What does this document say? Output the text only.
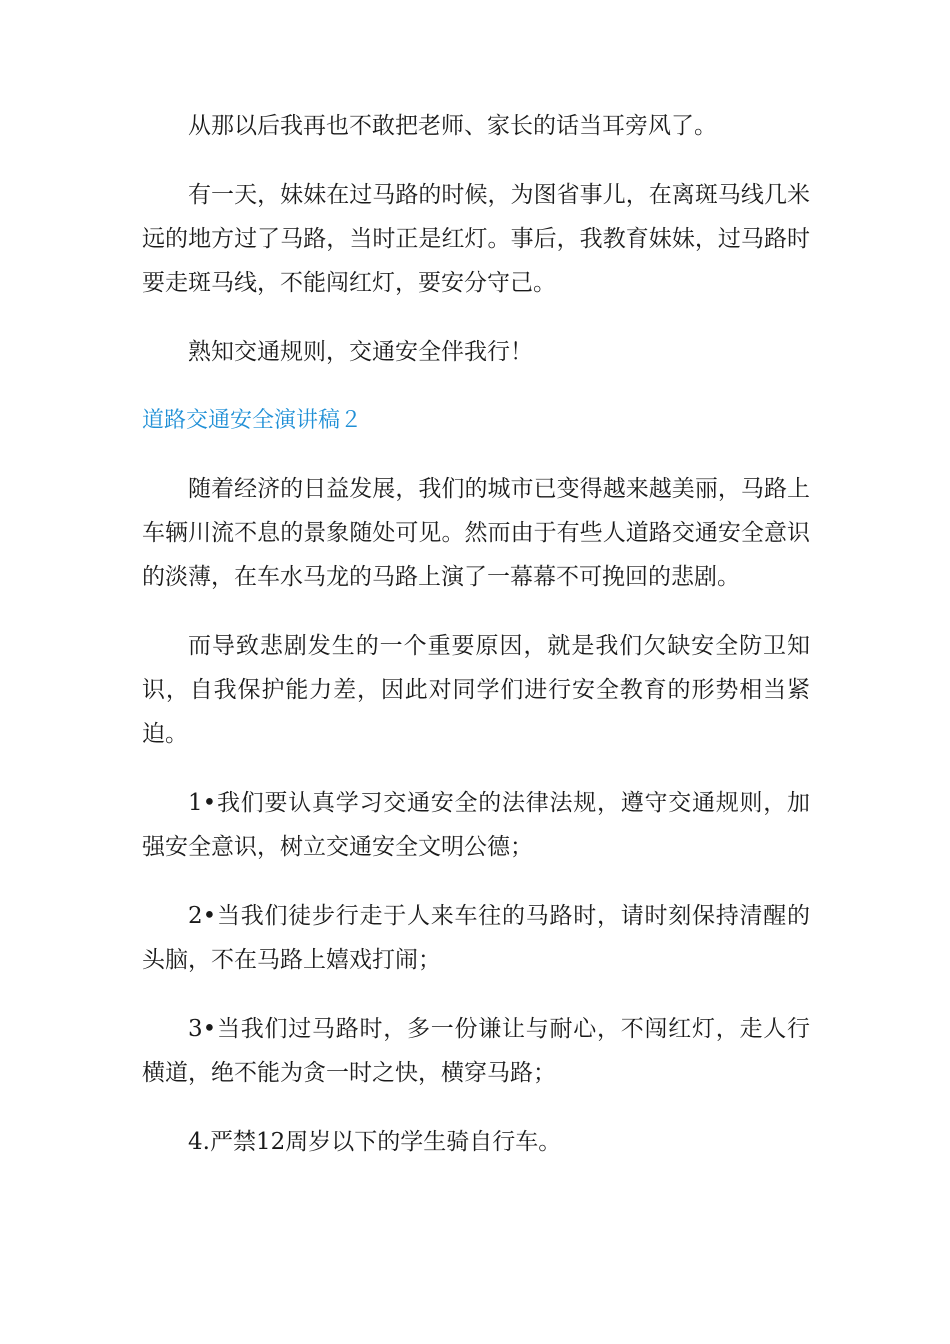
从那以后我再也不敢把老师、家长的话当耳旁风了。

有一天，妹妹在过马路的时候，为图省事儿，在离斑马线几米远的地方过了马路，当时正是红灯。事后，我教育妹妹，过马路时要走斑马线，不能闯红灯，要安分守己。

熟知交通规则，交通安全伴我行！

道路交通安全演讲稿２

随着经济的日益发展，我们的城市已变得越来越美丽，马路上车辆川流不息的景象随处可见。然而由于有些人道路交通安全意识的淡薄，在车水马龙的马路上演了一幕幕不可挽回的悲剧。

而导致悲剧发生的一个重要原因，就是我们欠缺安全防卫知识，自我保护能力差，因此对同学们进行安全教育的形势相当紧迫。

1•我们要认真学习交通安全的法律法规，遵守交通规则，加强安全意识，树立交通安全文明公德；

2•当我们徒步行走于人来车往的马路时，请时刻保持清醒的头脑，不在马路上嬉戏打闹；

3•当我们过马路时，多一份谦让与耐心，不闯红灯，走人行横道，绝不能为贪一时之快，横穿马路；

4.严禁12周岁以下的学生骑自行车。
